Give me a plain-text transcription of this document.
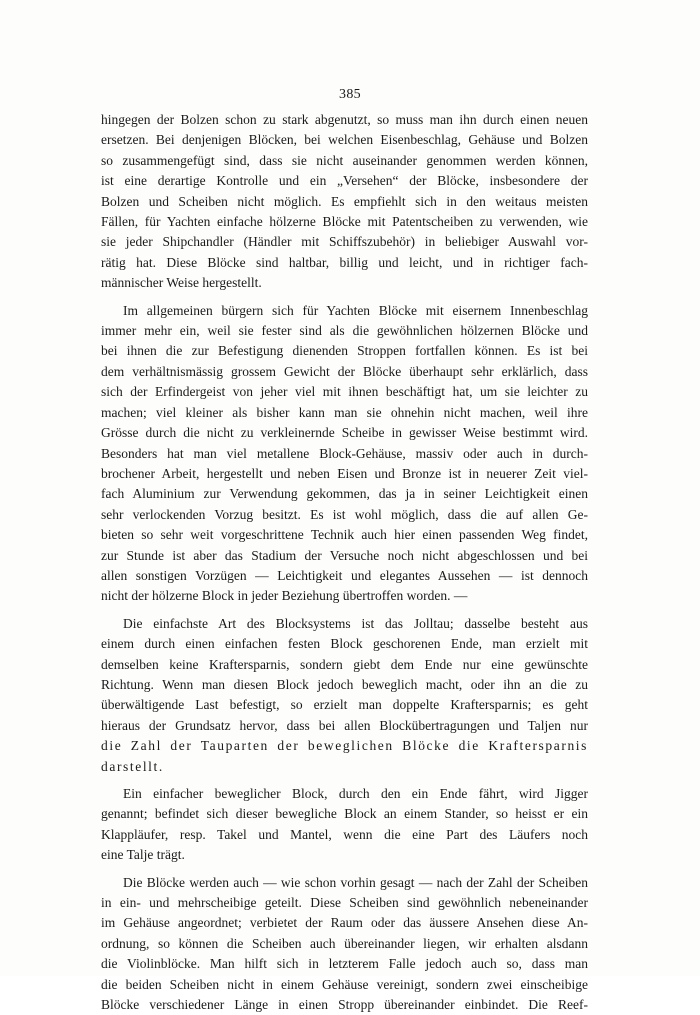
385
hingegen der Bolzen schon zu stark abgenutzt, so muss man ihn durch einen neuen
ersetzen. Bei denjenigen Blöcken, bei welchen Eisenbeschlag, Gehäuse und Bolzen
so zusammengefügt sind, dass sie nicht auseinander genommen werden können,
ist eine derartige Kontrolle und ein „Versehen“ der Blöcke, insbesondere der
Bolzen und Scheiben nicht möglich. Es empfiehlt sich in den weitaus meisten
Fällen, für Yachten einfache hölzerne Blöcke mit Patentscheiben zu verwenden, wie
sie jeder Shipchandler (Händler mit Schiffszubehör) in beliebiger Auswahl vor-
rätig hat. Diese Blöcke sind haltbar, billig und leicht, und in richtiger fach-
männischer Weise hergestellt.
Im allgemeinen bürgern sich für Yachten Blöcke mit eisernem Innenbeschlag
immer mehr ein, weil sie fester sind als die gewöhnlichen hölzernen Blöcke und
bei ihnen die zur Befestigung dienenden Stroppen fortfallen können. Es ist bei
dem verhältnismässig grossem Gewicht der Blöcke überhaupt sehr erklärlich, dass
sich der Erfindergeist von jeher viel mit ihnen beschäftigt hat, um sie leichter zu
machen; viel kleiner als bisher kann man sie ohnehin nicht machen, weil ihre
Grösse durch die nicht zu verkleinernde Scheibe in gewisser Weise bestimmt wird.
Besonders hat man viel metallene Block-Gehäuse, massiv oder auch in durch-
brochener Arbeit, hergestellt und neben Eisen und Bronze ist in neuerer Zeit viel-
fach Aluminium zur Verwendung gekommen, das ja in seiner Leichtigkeit einen
sehr verlockenden Vorzug besitzt. Es ist wohl möglich, dass die auf allen Ge-
bieten so sehr weit vorgeschrittene Technik auch hier einen passenden Weg findet,
zur Stunde ist aber das Stadium der Versuche noch nicht abgeschlossen und bei
allen sonstigen Vorzügen — Leichtigkeit und elegantes Aussehen — ist dennoch
nicht der hölzerne Block in jeder Beziehung übertroffen worden. —
Die einfachste Art des Blocksystems ist das Jolltau; dasselbe besteht aus
einem durch einen einfachen festen Block geschorenen Ende, man erzielt mit
demselben keine Kraftersparnis, sondern giebt dem Ende nur eine gewünschte
Richtung. Wenn man diesen Block jedoch beweglich macht, oder ihn an die zu
überwältigende Last befestigt, so erzielt man doppelte Kraftersparnis; es geht
hieraus der Grundsatz hervor, dass bei allen Blockübertragungen und Taljen nur
die Zahl der Tauparten der beweglichen Blöcke die Kraftersparnis
darstellt.
Ein einfacher beweglicher Block, durch den ein Ende fährt, wird Jigger
genannt; befindet sich dieser bewegliche Block an einem Stander, so heisst er ein
Klappläufer, resp. Takel und Mantel, wenn die eine Part des Läufers noch
eine Talje trägt.
Die Blöcke werden auch — wie schon vorhin gesagt — nach der Zahl der Scheiben
in ein- und mehrscheibige geteilt. Diese Scheiben sind gewöhnlich nebeneinander
im Gehäuse angeordnet; verbietet der Raum oder das äussere Ansehen diese An-
ordnung, so können die Scheiben auch übereinander liegen, wir erhalten alsdann
die Violinblöcke. Man hilft sich in letzterem Falle jedoch auch so, dass man
die beiden Scheiben nicht in einem Gehäuse vereinigt, sondern zwei einscheibige
Blöcke verschiedener Länge in einen Stropp übereinander einbindet. Die Reef-
